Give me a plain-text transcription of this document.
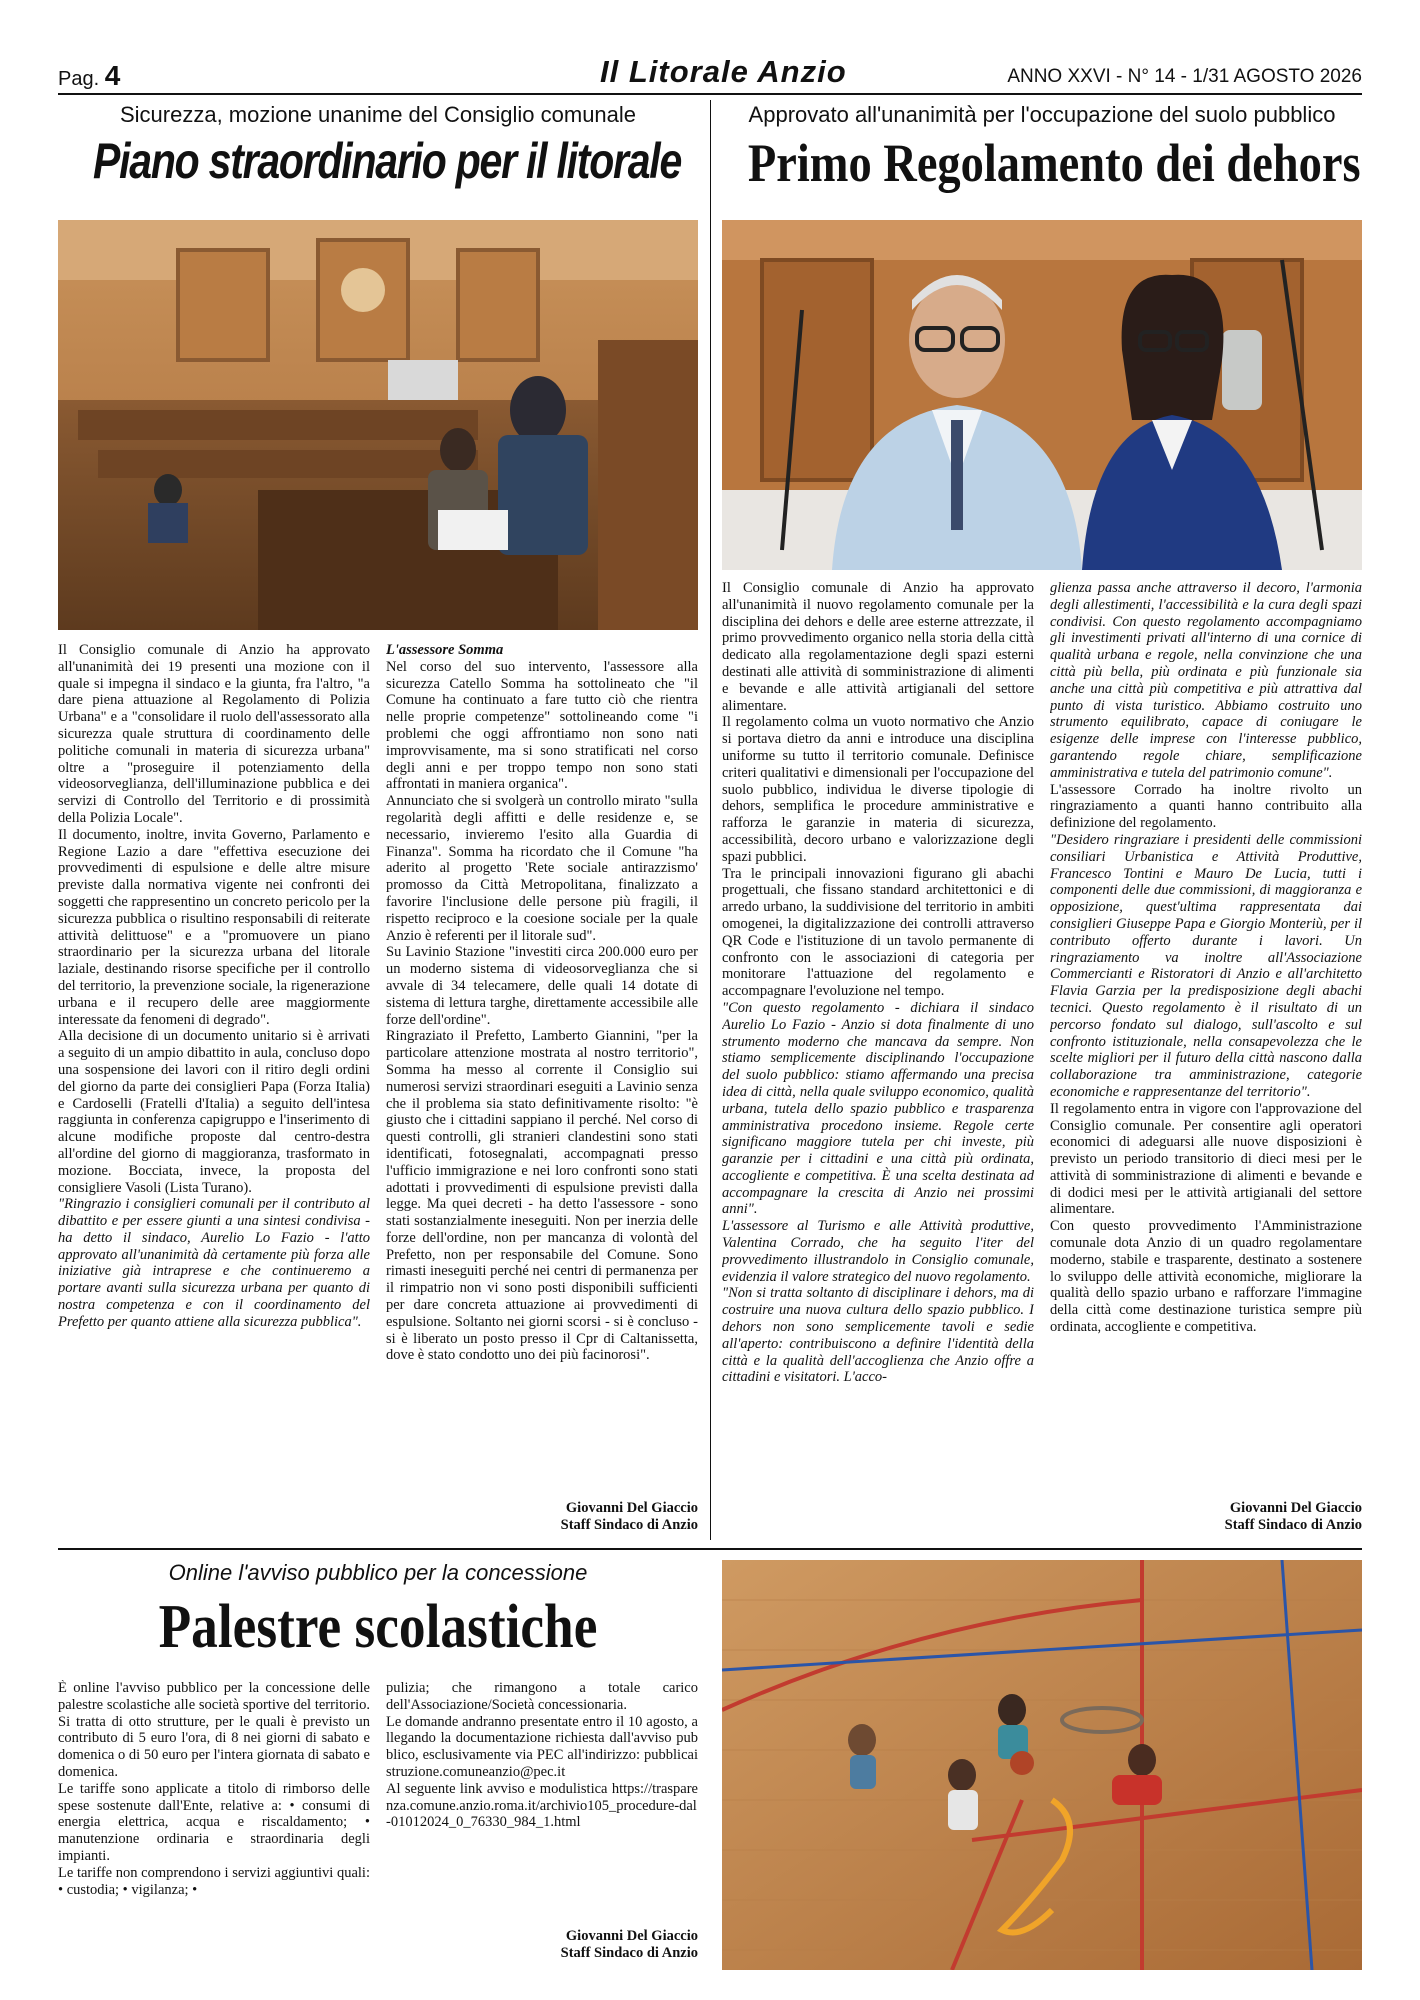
Pag. 4	Il Litorale Anzio	ANNO XXVI - N° 14 - 1/31 AGOSTO 2026
Sicurezza, mozione unanime del Consiglio comunale
Piano straordinario per il litorale

Il Consiglio comunale di Anzio ha approvato all'unanimità dei 19 presenti una mozione con il quale si impegna il sindaco e la giunta, fra l'altro, "a dare piena attuazione al Regolamento di Polizia Urbana" e a "consolidare il ruolo dell'assessorato alla sicurezza quale struttura di coordinamento delle politiche comunali in materia di sicurezza urbana" oltre a "proseguire il potenziamento della videosorveglianza, dell'illuminazione pubblica e dei servizi di Controllo del Territorio e di prossimità della Polizia Locale".

Il documento, inoltre, invita Governo, Parlamento e Regione Lazio a dare "effettiva esecuzione dei provvedimenti di espulsione e delle altre misure previste dalla normativa vigente nei confronti dei soggetti che rappresentino un concreto pericolo per la sicurezza pubblica o risultino responsabili di reiterate attività delittuose" e a "promuovere un piano straordinario per la sicurezza urbana del litorale laziale, destinando risorse specifiche per il controllo del territorio, la prevenzione sociale, la rigenerazione urbana e il recupero delle aree maggiormente interessate da fenomeni di degrado".

Alla decisione di un documento unitario si è arrivati a seguito di un ampio dibattito in aula, concluso dopo una sospensione dei lavori con il ritiro degli ordini del giorno da parte dei consiglieri Papa (Forza Italia) e Cardoselli (Fratelli d'Italia) a seguito dell'intesa raggiunta in conferenza capigruppo e l'inserimento di alcune modifiche proposte dal centro-destra all'ordine del giorno di maggioranza, trasformato in mozione. Bocciata, invece, la proposta del consigliere Vasoli (Lista Turano).

"Ringrazio i consiglieri comunali per il contributo al dibattito e per essere giunti a una sintesi condivisa - ha detto il sindaco, Aurelio Lo Fazio - l'atto approvato all'unanimità dà certamente più forza alle iniziative già intraprese e che continueremo a portare avanti sulla sicurezza urbana per quanto di nostra competenza e con il coordinamento del Prefetto per quanto attiene alla sicurezza pubblica".

L'assessore Somma

Nel corso del suo intervento, l'assessore alla sicurezza Catello Somma ha sottolineato che "il Comune ha continuato a fare tutto ciò che rientra nelle proprie competenze" sottolineando come "i problemi che oggi affrontiamo non sono nati improvvisamente, ma si sono stratificati nel corso degli anni e per troppo tempo non sono stati affrontati in maniera organica".

Annunciato che si svolgerà un controllo mirato "sulla regolarità degli affitti e delle residenze e, se necessario, invieremo l'esito alla Guardia di Finanza". Somma ha ricordato che il Comune "ha aderito al progetto 'Rete sociale antirazzismo' promosso da Città Metropolitana, finalizzato a favorire l'inclusione delle persone più fragili, il rispetto reciproco e la coesione sociale per la quale Anzio è referenti per il litorale sud".

Su Lavinio Stazione "investiti circa 200.000 euro per un moderno sistema di videosorveglianza che si avvale di 34 telecamere, delle quali 14 dotate di sistema di lettura targhe, direttamente accessibile alle forze dell'ordine".

Ringraziato il Prefetto, Lamberto Giannini, "per la particolare attenzione mostrata al nostro territorio", Somma ha messo al corrente il Consiglio sui numerosi servizi straordinari eseguiti a Lavinio senza che il problema sia stato definitivamente risolto: "è giusto che i cittadini sappiano il perché. Nel corso di questi controlli, gli stranieri clandestini sono stati identificati, fotosegnalati, accompagnati presso l'ufficio immigrazione e nei loro confronti sono stati adottati i provvedimenti di espulsione previsti dalla legge. Ma quei decreti - ha detto l'assessore - sono stati sostanzialmente ineseguiti. Non per inerzia delle forze dell'ordine, non per mancanza di volontà del Prefetto, non per responsabile del Comune. Sono rimasti ineseguiti perché nei centri di permanenza per il rimpatrio non vi sono posti disponibili sufficienti per dare concreta attuazione ai provvedimenti di espulsione. Soltanto nei giorni scorsi - si è concluso - si è liberato un posto presso il Cpr di Caltanissetta, dove è stato condotto uno dei più facinorosi".

Giovanni Del Giaccio
Staff Sindaco di Anzio
Approvato all'unanimità per l'occupazione del suolo pubblico
Primo Regolamento dei dehors

Il Consiglio comunale di Anzio ha approvato all'unanimità il nuovo regolamento comunale per la disciplina dei dehors e delle aree esterne attrezzate, il primo provvedimento organico nella storia della città dedicato alla regolamentazione degli spazi esterni destinati alle attività di somministrazione di alimenti e bevande e alle attività artigianali del settore alimentare.

Il regolamento colma un vuoto normativo che Anzio si portava dietro da anni e introduce una disciplina uniforme su tutto il territorio comunale. Definisce criteri qualitativi e dimensionali per l'occupazione del suolo pubblico, individua le diverse tipologie di dehors, semplifica le procedure amministrative e rafforza le garanzie in materia di sicurezza, accessibilità, decoro urbano e valorizzazione degli spazi pubblici.

Tra le principali innovazioni figurano gli abachi progettuali, che fissano standard architettonici e di arredo urbano, la suddivisione del territorio in ambiti omogenei, la digitalizzazione dei controlli attraverso QR Code e l'istituzione di un tavolo permanente di confronto con le associazioni di categoria per monitorare l'attuazione del regolamento e accompagnare l'evoluzione nel tempo.

"Con questo regolamento - dichiara il sindaco Aurelio Lo Fazio - Anzio si dota finalmente di uno strumento moderno che mancava da sempre. Non stiamo semplicemente disciplinando l'occupazione del suolo pubblico: stiamo affermando una precisa idea di città, nella quale sviluppo economico, qualità urbana, tutela dello spazio pubblico e trasparenza amministrativa procedono insieme. Regole certe significano maggiore tutela per chi investe, più garanzie per i cittadini e una città più ordinata, accogliente e competitiva. È una scelta destinata ad accompagnare la crescita di Anzio nei prossimi anni".

L'assessore al Turismo e alle Attività produttive, Valentina Corrado, che ha seguito l'iter del provvedimento illustrandolo in Consiglio comunale, evidenzia il valore strategico del nuovo regolamento.

"Non si tratta soltanto di disciplinare i dehors, ma di costruire una nuova cultura dello spazio pubblico. I dehors non sono semplicemente tavoli e sedie all'aperto: contribuiscono a definire l'identità della città e la qualità dell'accoglienza che Anzio offre a cittadini e visitatori. L'acco-

glienza passa anche attraverso il decoro, l'armonia degli allestimenti, l'accessibilità e la cura degli spazi condivisi. Con questo regolamento accompagniamo gli investimenti privati all'interno di una cornice di qualità urbana e regole, nella convinzione che una città più bella, più ordinata e più funzionale sia anche una città più competitiva e più attrattiva dal punto di vista turistico. Abbiamo costruito uno strumento equilibrato, capace di coniugare le esigenze delle imprese con l'interesse pubblico, garantendo regole chiare, semplificazione amministrativa e tutela del patrimonio comune".

L'assessore Corrado ha inoltre rivolto un ringraziamento a quanti hanno contribuito alla definizione del regolamento.

"Desidero ringraziare i presidenti delle commissioni consiliari Urbanistica e Attività Produttive, Francesco Tontini e Mauro De Lucia, tutti i componenti delle due commissioni, di maggioranza e opposizione, quest'ultima rappresentata dai consiglieri Giuseppe Papa e Giorgio Monteriù, per il contributo offerto durante i lavori. Un ringraziamento va inoltre all'Associazione Commercianti e Ristoratori di Anzio e all'architetto Flavia Garzia per la predisposizione degli abachi tecnici. Questo regolamento è il risultato di un percorso fondato sul dialogo, sull'ascolto e sul confronto istituzionale, nella consapevolezza che le scelte migliori per il futuro della città nascono dalla collaborazione tra amministrazione, categorie economiche e rappresentanze del territorio".

Il regolamento entra in vigore con l'approvazione del Consiglio comunale. Per consentire agli operatori economici di adeguarsi alle nuove disposizioni è previsto un periodo transitorio di dieci mesi per le attività di somministrazione di alimenti e bevande e di dodici mesi per le attività artigianali del settore alimentare.

Con questo provvedimento l'Amministrazione comunale dota Anzio di un quadro regolamentare moderno, stabile e trasparente, destinato a sostenere lo sviluppo delle attività economiche, migliorare la qualità dello spazio urbano e rafforzare l'immagine della città come destinazione turistica sempre più ordinata, accogliente e competitiva.

Giovanni Del Giaccio
Staff Sindaco di Anzio
Online l'avviso pubblico per la concessione
Palestre scolastiche

È online l'avviso pubblico per la concessione delle palestre scolastiche alle società sportive del territorio. Si tratta di otto strutture, per le quali è previsto un contributo di 5 euro l'ora, di 8 nei giorni di sabato e domenica o di 50 euro per l'intera giornata di sabato e domenica.

Le tariffe sono applicate a titolo di rimborso delle spese sostenute dall'Ente, relative a: • consumi di energia elettrica, acqua e riscaldamento; • manutenzione ordinaria e straordinaria degli impianti.

Le tariffe non comprendono i servizi aggiuntivi quali: • custodia; • vigilanza; •

pulizia; che rimangono a totale carico dell'Associazione/Società concessionaria.

Le domande andranno presentate entro il 10 agosto, allegando la documentazione richiesta dall'avviso pubblico, esclusivamente via PEC all'indirizzo: pubblicaistruzione.comuneanzio@pec.it

Al seguente link avviso e modulistica https://trasparenza.comune.anzio.roma.it/archivio105_procedure-dal-01012024_0_76330_984_1.html

Giovanni Del Giaccio
Staff Sindaco di Anzio
